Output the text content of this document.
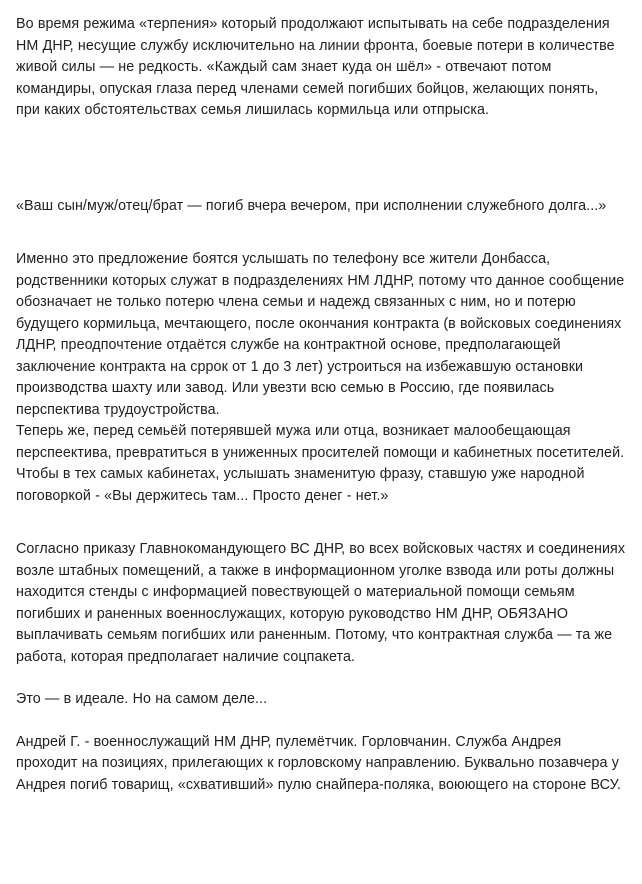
Во время режима «терпения» который продолжают испытывать на себе подразделения НМ ДНР, несущие службу исключительно на линии фронта, боевые потери в количестве живой силы — не редкость. «Каждый сам знает куда он шёл» - отвечают потом командиры, опуская глаза перед членами семей погибших бойцов, желающих понять, при каких обстоятельствах семья лишилась кормильца или отпрыска.

«Ваш сын/муж/отец/брат — погиб вчера вечером, при исполнении служебного долга...»

Именно это предложение боятся услышать по телефону все жители Донбасса, родственники которых служат в подразделениях НМ ЛДНР, потому что данное сообщение обозначает не только потерю члена семьи и надежд связанных с ним, но и потерю будущего кормильца, мечтающего, после окончания контракта (в войсковых соединениях ЛДНР, преодпочтение отдаётся службе на контрактной основе, предполагающей заключение контракта на сррок от 1 до 3 лет) устроиться на избежавшую остановки производства шахту или завод. Или увезти всю семью в Россию, где появилась перспектива трудоустройства.

Теперь же, перед семьёй потерявшей мужа или отца, возникает малообещающая перспеектива, превратиться в униженных просителей помощи и кабинетных посетителей. Чтобы в тех самых кабинетах, услышать знаменитую фразу, ставшую уже народной поговоркой - «Вы держитесь там... Просто денег - нет.»

Согласно приказу Главнокомандующего ВС ДНР, во всех войсковых частях и соединениях возле штабных помещений, а также в информационном уголке взвода или роты должны находится стенды с информацией повествующей о материальной помощи семьям погибших и раненных военнослужащих, которую руководство НМ ДНР, ОБЯЗАНО выплачивать семьям погибших или раненным. Потому, что контрактная служба — та же работа, которая предполагает наличие соцпакета.

Это — в идеале. Но на самом деле...

Андрей Г. - военнослужащий НМ ДНР, пулемётчик. Горловчанин. Служба Андрея проходит на позициях, прилегающих к горловскому направлению. Буквально позавчера у Андрея погиб товарищ, «схвативший» пулю снайпера-поляка, воюющего на стороне ВСУ.
